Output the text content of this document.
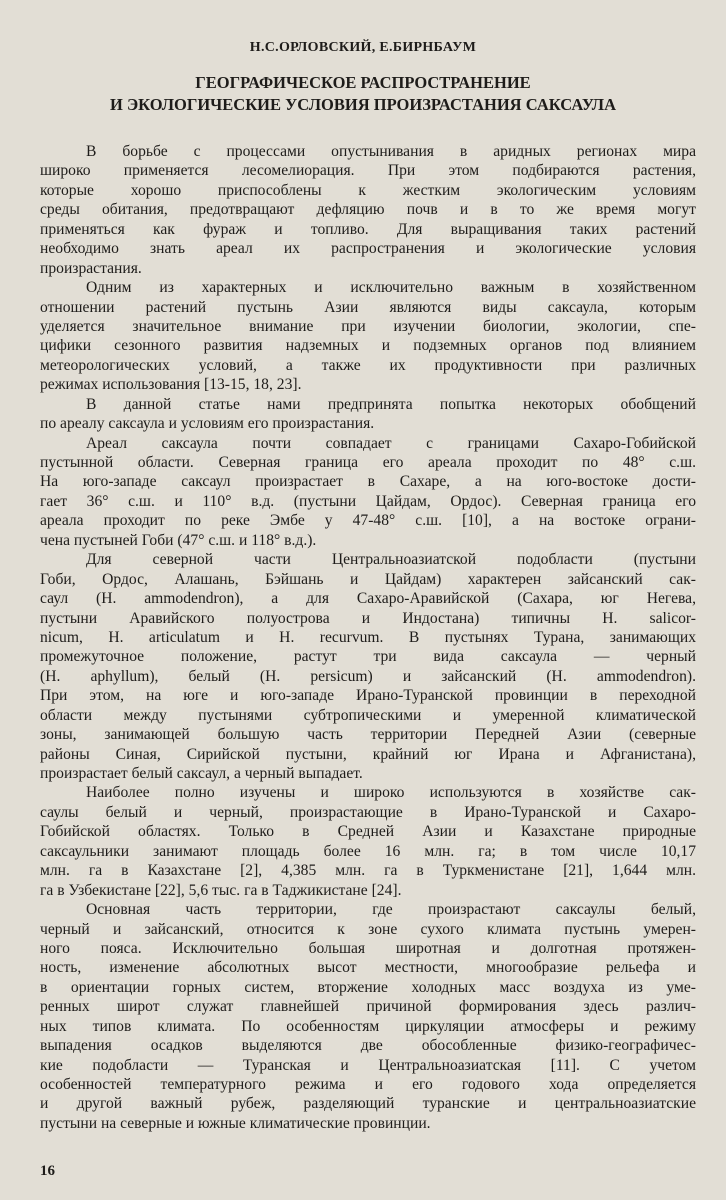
Н.С.ОРЛОВСКИЙ, Е.БИРНБАУМ
ГЕОГРАФИЧЕСКОЕ РАСПРОСТРАНЕНИЕ
И ЭКОЛОГИЧЕСКИЕ УСЛОВИЯ ПРОИЗРАСТАНИЯ САКСАУЛА
В борьбе с процессами опустынивания в аридных регионах мира
широко применяется лесомелиорация. При этом подбираются растения,
которые хорошо приспособлены к жестким экологическим условиям
среды обитания, предотвращают дефляцию почв и в то же время могут
применяться как фураж и топливо. Для выращивания таких растений
необходимо знать ареал их распространения и экологические условия
произрастания.
Одним из характерных и исключительно важным в хозяйственном
отношении растений пустынь Азии являются виды саксаула, которым
уделяется значительное внимание при изучении биологии, экологии, спе-
цифики сезонного развития надземных и подземных органов под влиянием
метеорологических условий, а также их продуктивности при различных
режимах использования [13-15, 18, 23].
В данной статье нами предпринята попытка некоторых обобщений
по ареалу саксаула и условиям его произрастания.
Ареал саксаула почти совпадает с границами Сахаро-Гобийской
пустынной области. Северная граница его ареала проходит по 48° с.ш.
На юго-западе саксаул произрастает в Сахаре, а на юго-востоке дости-
гает 36° с.ш. и 110° в.д. (пустыни Цайдам, Ордос). Северная граница его
ареала проходит по реке Эмбе у 47-48° с.ш. [10], а на востоке ограни-
чена пустыней Гоби (47° с.ш. и 118° в.д.).
Для северной части Центральноазиатской подобласти (пустыни
Гоби, Ордос, Алашань, Бэйшань и Цайдам) характерен зайсанский сак-
саул (H. ammodendron), а для Сахаро-Аравийской (Сахара, юг Негева,
пустыни Аравийского полуострова и Индостана) типичны H. salicor-
nicum, H. articulatum и H. recurvum. В пустынях Турана, занимающих
промежуточное положение, растут три вида саксаула — черный
(H. aphyllum), белый (H. persicum) и зайсанский (H. ammodendron).
При этом, на юге и юго-западе Ирано-Туранской провинции в переходной
области между пустынями субтропическими и умеренной климатической
зоны, занимающей большую часть территории Передней Азии (северные
районы Синая, Сирийской пустыни, крайний юг Ирана и Афганистана),
произрастает белый саксаул, а черный выпадает.
Наиболее полно изучены и широко используются в хозяйстве сак-
саулы белый и черный, произрастающие в Ирано-Туранской и Сахаро-
Гобийской областях. Только в Средней Азии и Казахстане природные
саксаульники занимают площадь более 16 млн. га; в том числе 10,17
млн. га в Казахстане [2], 4,385 млн. га в Туркменистане [21], 1,644 млн.
га в Узбекистане [22], 5,6 тыс. га в Таджикистане [24].
Основная часть территории, где произрастают саксаулы белый,
черный и зайсанский, относится к зоне сухого климата пустынь умерен-
ного пояса. Исключительно большая широтная и долготная протяжен-
ность, изменение абсолютных высот местности, многообразие рельефа и
в ориентации горных систем, вторжение холодных масс воздуха из уме-
ренных широт служат главнейшей причиной формирования здесь различ-
ных типов климата. По особенностям циркуляции атмосферы и режиму
выпадения осадков выделяются две обособленные физико-географичес-
кие подобласти — Туранская и Центральноазиатская [11]. С учетом
особенностей температурного режима и его годового хода определяется
и другой важный рубеж, разделяющий туранские и центральноазиатские
пустыни на северные и южные климатические провинции.
16
